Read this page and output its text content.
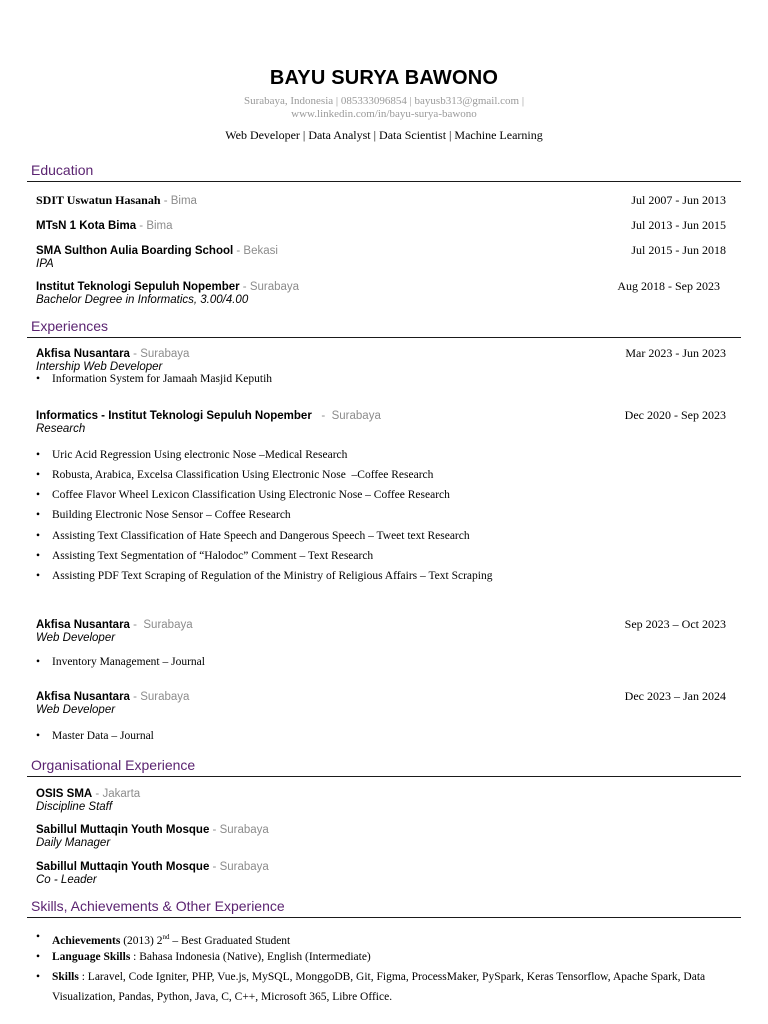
BAYU SURYA BAWONO
Surabaya, Indonesia | 085333096854 | bayusb313@gmail.com |
www.linkedin.com/in/bayu-surya-bawono
Web Developer | Data Analyst | Data Scientist | Machine Learning
Education
SDIT Uswatun Hasanah - Bima	Jul 2007 - Jun 2013
MTsN 1 Kota Bima - Bima	Jul 2013 - Jun 2015
SMA Sulthon Aulia Boarding School - Bekasi
IPA
Jul 2015 - Jun 2018
Institut Teknologi Sepuluh Nopember - Surabaya
Bachelor Degree in Informatics, 3.00/4.00
Aug 2018 - Sep 2023
Experiences
Akfisa Nusantara - Surabaya
Intership Web Developer
Mar 2023 - Jun 2023
• Information System for Jamaah Masjid Keputih
Informatics - Institut Teknologi Sepuluh Nopember   -  Surabaya
Research
Dec 2020 - Sep 2023
• Uric Acid Regression Using electronic Nose –Medical Research
• Robusta, Arabica, Excelsa Classification Using Electronic Nose  –Coffee Research
• Coffee Flavor Wheel Lexicon Classification Using Electronic Nose – Coffee Research
• Building Electronic Nose Sensor – Coffee Research
• Assisting Text Classification of Hate Speech and Dangerous Speech – Tweet text Research
• Assisting Text Segmentation of “Halodoc” Comment – Text Research
• Assisting PDF Text Scraping of Regulation of the Ministry of Religious Affairs – Text Scraping
Akfisa Nusantara -  Surabaya
Web Developer
Sep 2023 – Oct 2023
• Inventory Management – Journal
Akfisa Nusantara - Surabaya
Web Developer
Dec 2023 – Jan 2024
• Master Data – Journal
Organisational Experience
OSIS SMA - Jakarta
Discipline Staff
Sabillul Muttaqin Youth Mosque - Surabaya
Daily Manager
Sabillul Muttaqin Youth Mosque - Surabaya
Co - Leader
Skills, Achievements & Other Experience
• Achievements (2013) 2nd – Best Graduated Student
• Language Skills : Bahasa Indonesia (Native), English (Intermediate)
• Skills : Laravel, Code Igniter, PHP, Vue.js, MySQL, MonggoDB, Git, Figma, ProcessMaker, PySpark, Keras Tensorflow, Apache Spark, Data Visualization, Pandas, Python, Java, C, C++, Microsoft 365, Libre Office.
